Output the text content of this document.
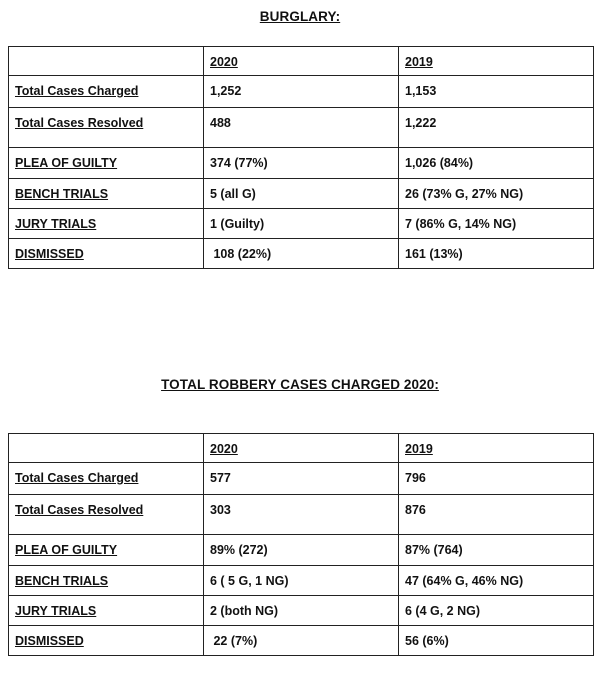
BURGLARY:
	2020	2019
Total Cases Charged	1,252	1,153
Total Cases Resolved	488	1,222
PLEA OF GUILTY	374 (77%)	1,026 (84%)
BENCH TRIALS	5 (all G)	26 (73% G, 27% NG)
JURY TRIALS	1 (Guilty)	7 (86% G, 14% NG)
DISMISSED	108 (22%)	161 (13%)
TOTAL ROBBERY CASES CHARGED 2020:
	2020	2019
Total Cases Charged	577	796
Total Cases Resolved	303	876
PLEA OF GUILTY	89% (272)	87% (764)
BENCH TRIALS	6 ( 5 G, 1 NG)	47 (64% G, 46% NG)
JURY TRIALS	2 (both NG)	6 (4 G, 2 NG)
DISMISSED	22 (7%)	56 (6%)
